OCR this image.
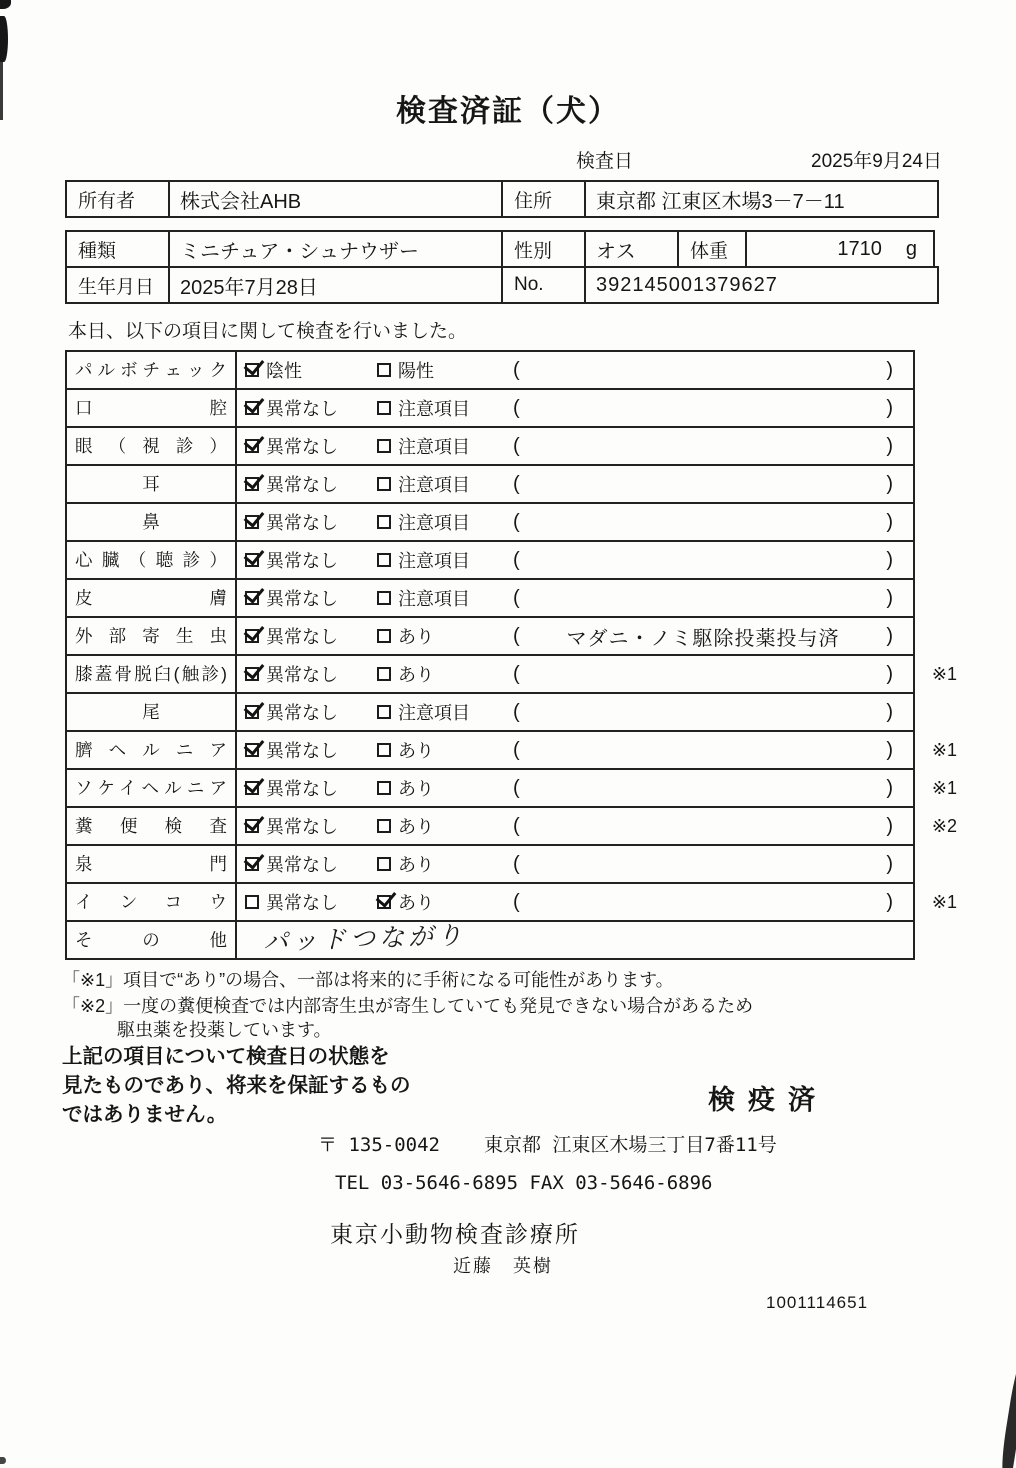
検査済証（犬）
検査日	2025年9月24日
所有者	株式会社AHB	住所	東京都 江東区木場3－7－11
種類	ミニチュア・シュナウザー	性別	オス	体重	1710 g
生年月日	2025年7月28日	No.	392145001379627
本日、以下の項目に関して検査を行いました。
パルボチェック	陰性	陽性	(	)
口腔	異常なし	注意項目 (	)
眼（視診）	異常なし	注意項目 (	)
耳	異常なし	注意項目 (	)
鼻	異常なし	注意項目 (	)
心臓（聴診）	異常なし	注意項目 (	)
皮膚	異常なし	注意項目 (	)
外部寄生虫	異常なし	あり	( マダニ・ノミ駆除投薬投与済 )
膝蓋骨脱臼(触診)	異常なし	あり	(	) ※1
尾	異常なし	注意項目 (	)
臍ヘルニア	異常なし	あり	(	) ※1
ソケイヘルニア	異常なし	あり	(	) ※1
糞便検査	異常なし	あり	(	) ※2
泉門	異常なし	あり	(	)
インコウ	異常なし	あり	(	) ※1
その他	パッドつながり
「※1」項目で“あり”の場合、一部は将来的に手術になる可能性があります。
「※2」一度の糞便検査では内部寄生虫が寄生していても発見できない場合があるため
駆虫薬を投薬しています。
上記の項目について検査日の状態を
見たものであり、将来を保証するもの
ではありません。	検疫済
〒 135-0042 東京都 江東区木場三丁目7番11号
TEL 03-5646-6895 FAX 03-5646-6896
東京小動物検査診療所
近藤　英樹
1001114651
